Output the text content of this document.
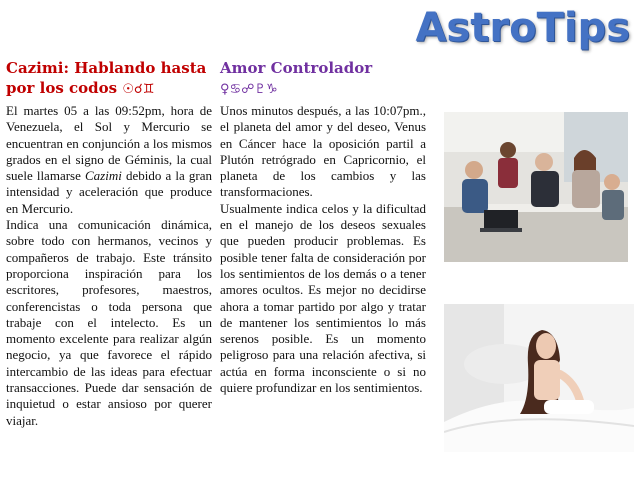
AstroTips
Cazimi: Hablando hasta por los codos ☉☌♊

El martes 05 a las 09:52pm, hora de Venezuela, el Sol y Mercurio se encuentran en conjunción a los mismos grados en el signo de Géminis, la cual suele llamarse Cazimi debido a la gran intensidad y aceleración que produce en Mercurio.

Indica una comunicación dinámica, sobre todo con hermanos, vecinos y compañeros de trabajo. Este tránsito proporciona inspiración para los escritores, profesores, maestros, conferencistas o toda persona que trabaje con el intelecto. Es un momento excelente para realizar algún negocio, ya que favorece el rápido intercambio de las ideas para efectuar transacciones. Puede dar sensación de inquietud o estar ansioso por querer viajar.

Amor Controlador
♀♋☍♇♑

Unos minutos después, a las 10:07pm., el planeta del amor y del deseo, Venus en Cáncer hace la oposición partil a Plutón retrógrado en Capricornio, el planeta de los cambios y las transformaciones.

Usualmente indica celos y la dificultad en el manejo de los deseos sexuales que pueden producir problemas. Es posible tener falta de consideración por los sentimientos de los demás o a tener amores ocultos. Es mejor no decidirse ahora a tomar partido por algo y tratar de mantener los sentimientos lo más serenos posible. Es un momento peligroso para una relación afectiva, si actúa en forma inconsciente o si no quiere profundizar en los sentimientos.
